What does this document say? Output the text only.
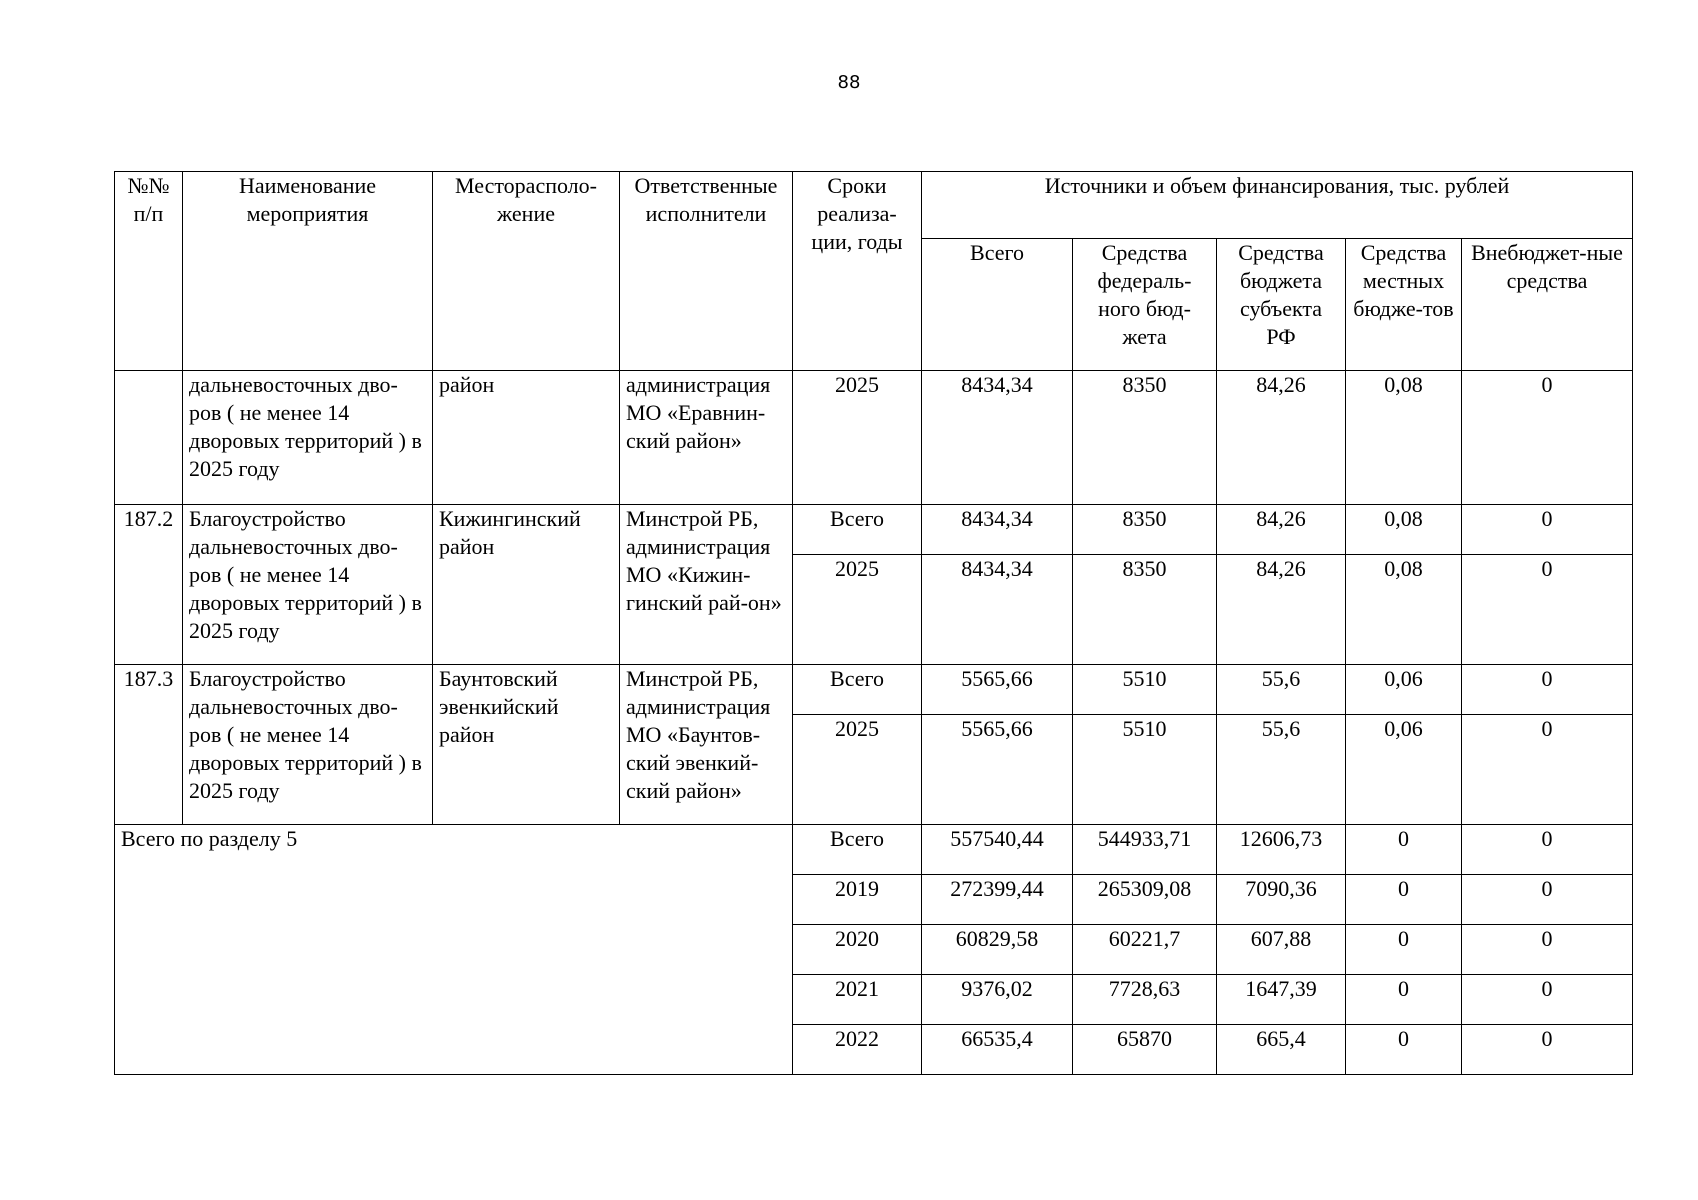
88
№№ п/п	Наименование мероприятия	Месторасполо-жение	Ответственные исполнители	Сроки реализа-ции, годы	Источники и объем финансирования, тыс. рублей				
					Всего	Средства федераль-ного бюд-жета	Средства бюджета субъекта РФ	Средства местных бюдже-тов	Внебюджет-ные средства
	дальневосточных дво-ров ( не менее 14 дворовых территорий ) в 2025 году	район	администрация МО «Еравнин-ский район»	2025	8434,34	8350	84,26	0,08	0
187.2	Благоустройство дальневосточных дво-ров ( не менее 14 дворовых территорий ) в 2025 году	Кижингинский район	Минстрой РБ, администрация МО «Кижин-гинский рай-он»	Всего	8434,34	8350	84,26	0,08	0
				2025	8434,34	8350	84,26	0,08	0
187.3	Благоустройство дальневосточных дво-ров ( не менее 14 дворовых территорий ) в 2025 году	Баунтовский эвенкийский район	Минстрой РБ, администрация МО «Баунтов-ский эвенкий-ский район»	Всего	5565,66	5510	55,6	0,06	0
				2025	5565,66	5510	55,6	0,06	0
Всего по разделу 5				Всего	557540,44	544933,71	12606,73	0	0
				2019	272399,44	265309,08	7090,36	0	0
				2020	60829,58	60221,7	607,88	0	0
				2021	9376,02	7728,63	1647,39	0	0
				2022	66535,4	65870	665,4	0	0
